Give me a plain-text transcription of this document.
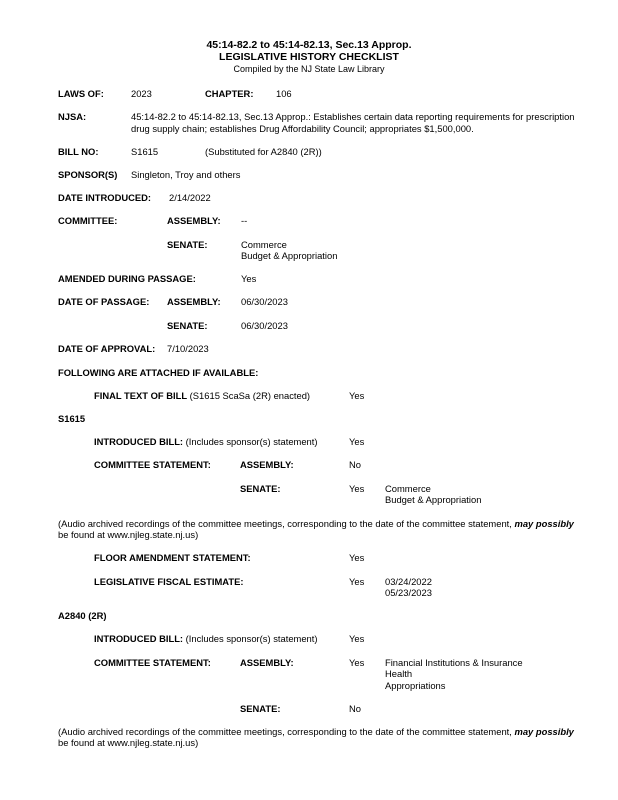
45:14-82.2 to 45:14-82.13, Sec.13 Approp.
LEGISLATIVE HISTORY CHECKLIST
Compiled by the NJ State Law Library
LAWS OF:	2023	CHAPTER: 106
NJSA:	45:14-82.2 to 45:14-82.13, Sec.13 Approp.: Establishes certain data reporting requirements for prescription
drug supply chain; establishes Drug Affordability Council; appropriates $1,500,000.
BILL NO:	S1615	(Substituted for A2840 (2R))
SPONSOR(S) Singleton, Troy and others
DATE INTRODUCED: 2/14/2022
COMMITTEE:	ASSEMBLY: --
SENATE:	Commerce
Budget & Appropriation
AMENDED DURING PASSAGE:	Yes
DATE OF PASSAGE: ASSEMBLY: 06/30/2023
SENATE:	06/30/2023
DATE OF APPROVAL: 7/10/2023
FOLLOWING ARE ATTACHED IF AVAILABLE:
FINAL TEXT OF BILL (S1615 ScaSa (2R) enacted)	Yes
S1615
INTRODUCED BILL: (Includes sponsor(s) statement)	Yes
COMMITTEE STATEMENT:	ASSEMBLY:	No
SENATE:	Yes Commerce
Budget & Appropriation
(Audio archived recordings of the committee meetings, corresponding to the date of the committee statement, may possibly
be found at www.njleg.state.nj.us)
FLOOR AMENDMENT STATEMENT:	Yes
LEGISLATIVE FISCAL ESTIMATE:	Yes 03/24/2022
05/23/2023
A2840 (2R)
INTRODUCED BILL: (Includes sponsor(s) statement)	Yes
COMMITTEE STATEMENT:	ASSEMBLY:	Yes Financial Institutions & Insurance
Health
Appropriations
SENATE:	No
(Audio archived recordings of the committee meetings, corresponding to the date of the committee statement, may possibly
be found at www.njleg.state.nj.us)
